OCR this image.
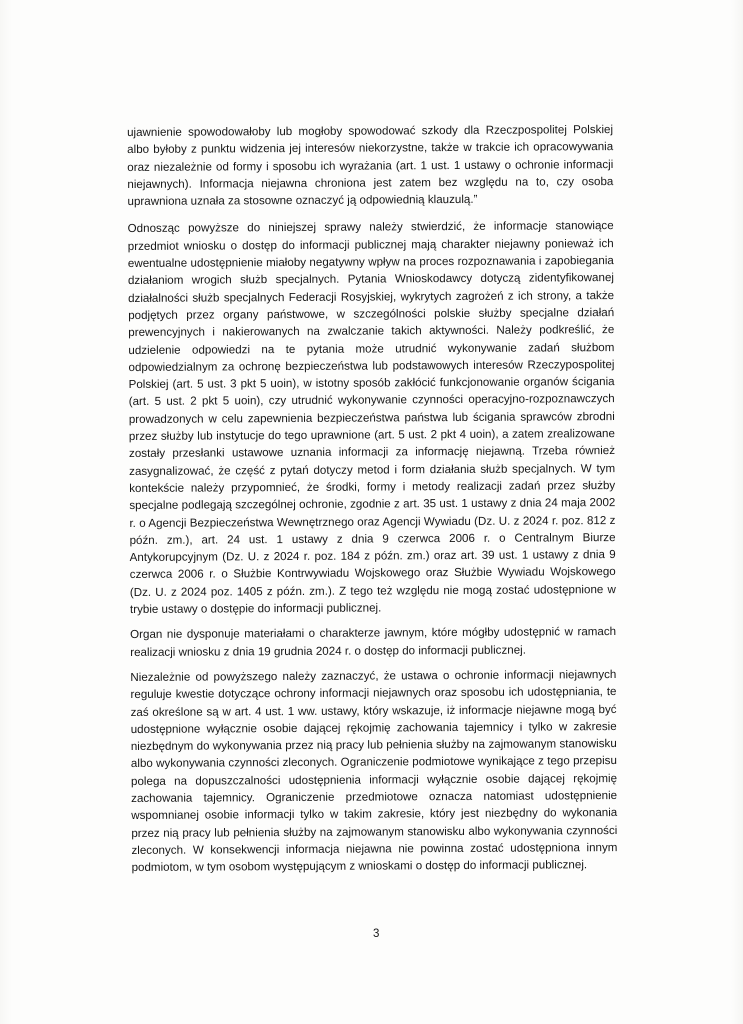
ujawnienie spowodowałoby lub mogłoby spowodować szkody dla Rzeczpospolitej Polskiej albo byłoby z punktu widzenia jej interesów niekorzystne, także w trakcie ich opracowywania oraz niezależnie od formy i sposobu ich wyrażania (art. 1 ust. 1 ustawy o ochronie informacji niejawnych). Informacja niejawna chroniona jest zatem bez względu na to, czy osoba uprawniona uznała za stosowne oznaczyć ją odpowiednią klauzulą.”

Odnosząc powyższe do niniejszej sprawy należy stwierdzić, że informacje stanowiące przedmiot wniosku o dostęp do informacji publicznej mają charakter niejawny ponieważ ich ewentualne udostępnienie miałoby negatywny wpływ na proces rozpoznawania i zapobiegania działaniom wrogich służb specjalnych. Pytania Wnioskodawcy dotyczą zidentyfikowanej działalności służb specjalnych Federacji Rosyjskiej, wykrytych zagrożeń z ich strony, a także podjętych przez organy państwowe, w szczególności polskie służby specjalne działań prewencyjnych i nakierowanych na zwalczanie takich aktywności. Należy podkreślić, że udzielenie odpowiedzi na te pytania może utrudnić wykonywanie zadań służbom odpowiedzialnym za ochronę bezpieczeństwa lub podstawowych interesów Rzeczypospolitej Polskiej (art. 5 ust. 3 pkt 5 uoin), w istotny sposób zakłócić funkcjonowanie organów ścigania (art. 5 ust. 2 pkt 5 uoin), czy utrudnić wykonywanie czynności operacyjno-rozpoznawczych prowadzonych w celu zapewnienia bezpieczeństwa państwa lub ścigania sprawców zbrodni przez służby lub instytucje do tego uprawnione (art. 5 ust. 2 pkt 4 uoin), a zatem zrealizowane zostały przesłanki ustawowe uznania informacji za informację niejawną. Trzeba również zasygnalizować, że część z pytań dotyczy metod i form działania służb specjalnych. W tym kontekście należy przypomnieć, że środki, formy i metody realizacji zadań przez służby specjalne podlegają szczególnej ochronie, zgodnie z art. 35 ust. 1 ustawy z dnia 24 maja 2002 r. o Agencji Bezpieczeństwa Wewnętrznego oraz Agencji Wywiadu (Dz. U. z 2024 r. poz. 812 z późn. zm.), art. 24 ust. 1 ustawy z dnia 9 czerwca 2006 r. o Centralnym Biurze Antykorupcyjnym (Dz. U. z 2024 r. poz. 184 z późn. zm.) oraz art. 39 ust. 1 ustawy z dnia 9 czerwca 2006 r. o Służbie Kontrwywiadu Wojskowego oraz Służbie Wywiadu Wojskowego (Dz. U. z 2024 poz. 1405 z późn. zm.). Z tego też względu nie mogą zostać udostępnione w trybie ustawy o dostępie do informacji publicznej.

Organ nie dysponuje materiałami o charakterze jawnym, które mógłby udostępnić w ramach realizacji wniosku z dnia 19 grudnia 2024 r. o dostęp do informacji publicznej.

Niezależnie od powyższego należy zaznaczyć, że ustawa o ochronie informacji niejawnych reguluje kwestie dotyczące ochrony informacji niejawnych oraz sposobu ich udostępniania, te zaś określone są w art. 4 ust. 1 ww. ustawy, który wskazuje, iż informacje niejawne mogą być udostępnione wyłącznie osobie dającej rękojmię zachowania tajemnicy i tylko w zakresie niezbędnym do wykonywania przez nią pracy lub pełnienia służby na zajmowanym stanowisku albo wykonywania czynności zleconych. Ograniczenie podmiotowe wynikające z tego przepisu polega na dopuszczalności udostępnienia informacji wyłącznie osobie dającej rękojmię zachowania tajemnicy. Ograniczenie przedmiotowe oznacza natomiast udostępnienie wspomnianej osobie informacji tylko w takim zakresie, który jest niezbędny do wykonania przez nią pracy lub pełnienia służby na zajmowanym stanowisku albo wykonywania czynności zleconych. W konsekwencji informacja niejawna nie powinna zostać udostępniona innym podmiotom, w tym osobom występującym z wnioskami o dostęp do informacji publicznej.

3
